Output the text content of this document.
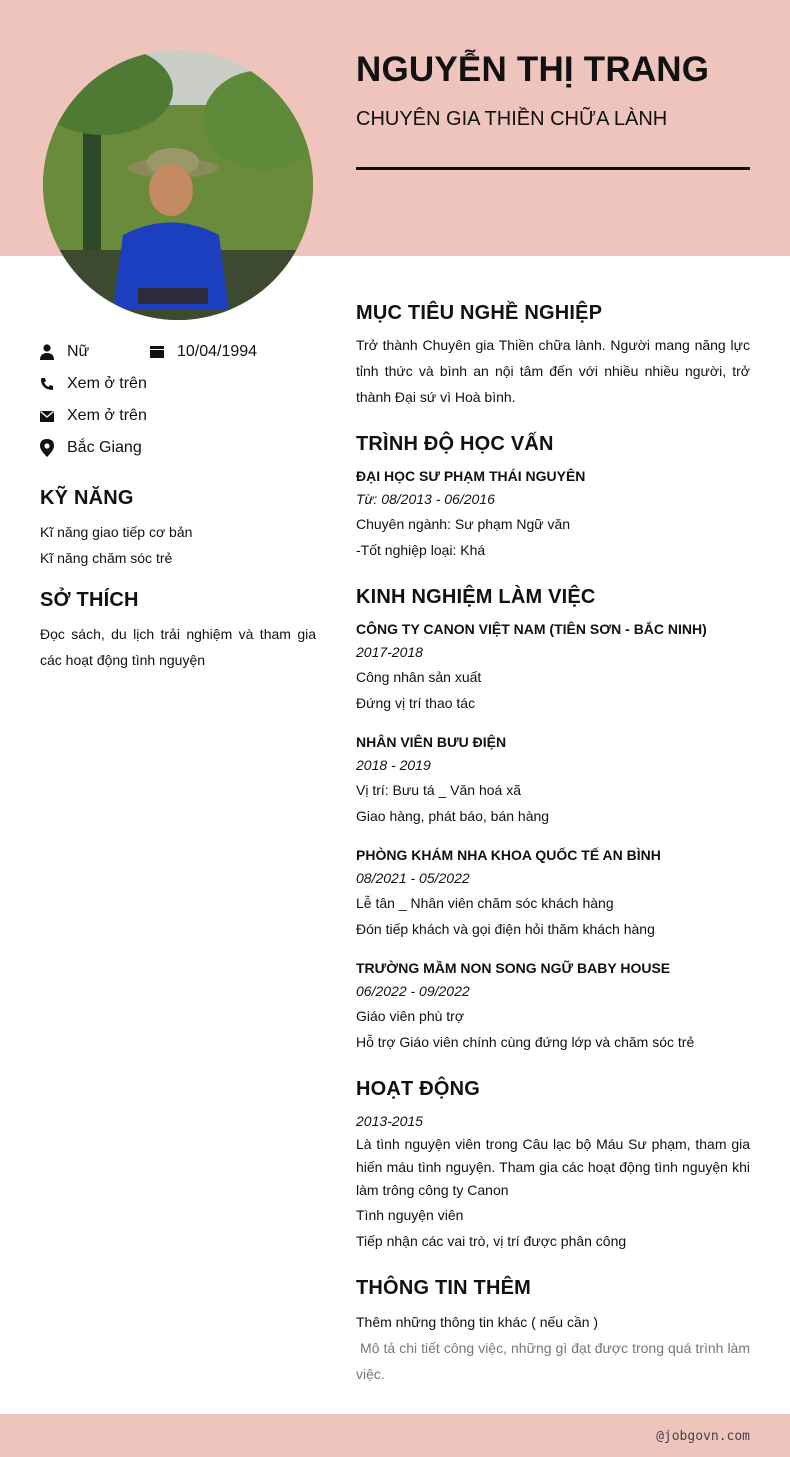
NGUYỄN THỊ TRANG
CHUYÊN GIA THIỀN CHỮA LÀNH
Nữ	10/04/1994
Xem ở trên
Xem ở trên
Bắc Giang
KỸ NĂNG
Kĩ năng giao tiếp cơ bản
Kĩ năng chăm sóc trẻ
SỞ THÍCH
Đọc sách, du lịch trải nghiệm và tham gia các hoạt động tình nguyện
MỤC TIÊU NGHỀ NGHIỆP
Trở thành Chuyên gia Thiền chữa lành. Người mang năng lực tỉnh thức và bình an nội tâm đến với nhiều nhiều người, trở thành Đại sứ vì Hoà bình.
TRÌNH ĐỘ HỌC VẤN
ĐẠI HỌC SƯ PHẠM THÁI NGUYÊN
Từ: 08/2013 - 06/2016
Chuyên ngành: Sư phạm Ngữ văn
-Tốt nghiệp loại: Khá
KINH NGHIỆM LÀM VIỆC
CÔNG TY CANON VIỆT NAM (TIÊN SƠN - BẮC NINH)
2017-2018
Công nhân sản xuất
Đứng vị trí thao tác
NHÂN VIÊN BƯU ĐIỆN
2018 - 2019
Vị trí: Bưu tá _ Văn hoá xã
Giao hàng, phát báo, bán hàng
PHÒNG KHÁM NHA KHOA QUỐC TẾ AN BÌNH
08/2021 - 05/2022
Lễ tân _ Nhân viên chăm sóc khách hàng
Đón tiếp khách và gọi điện hỏi thăm khách hàng
TRƯỜNG MẦM NON SONG NGỮ BABY HOUSE
06/2022 - 09/2022
Giáo viên phù trợ
Hỗ trợ Giáo viên chính cùng đứng lớp và chăm sóc trẻ
HOẠT ĐỘNG
2013-2015
Là tình nguyện viên trong Câu lạc bộ Máu Sư phạm, tham gia hiến máu tình nguyện. Tham gia các hoạt động tình nguyện khi làm trông công ty Canon
Tình nguyện viên
Tiếp nhận các vai trò, vị trí được phân công
THÔNG TIN THÊM
Thêm những thông tin khác ( nếu cần )
Mô tả chi tiết công việc, những gì đạt được trong quá trình làm việc.
@jobgovn.com
